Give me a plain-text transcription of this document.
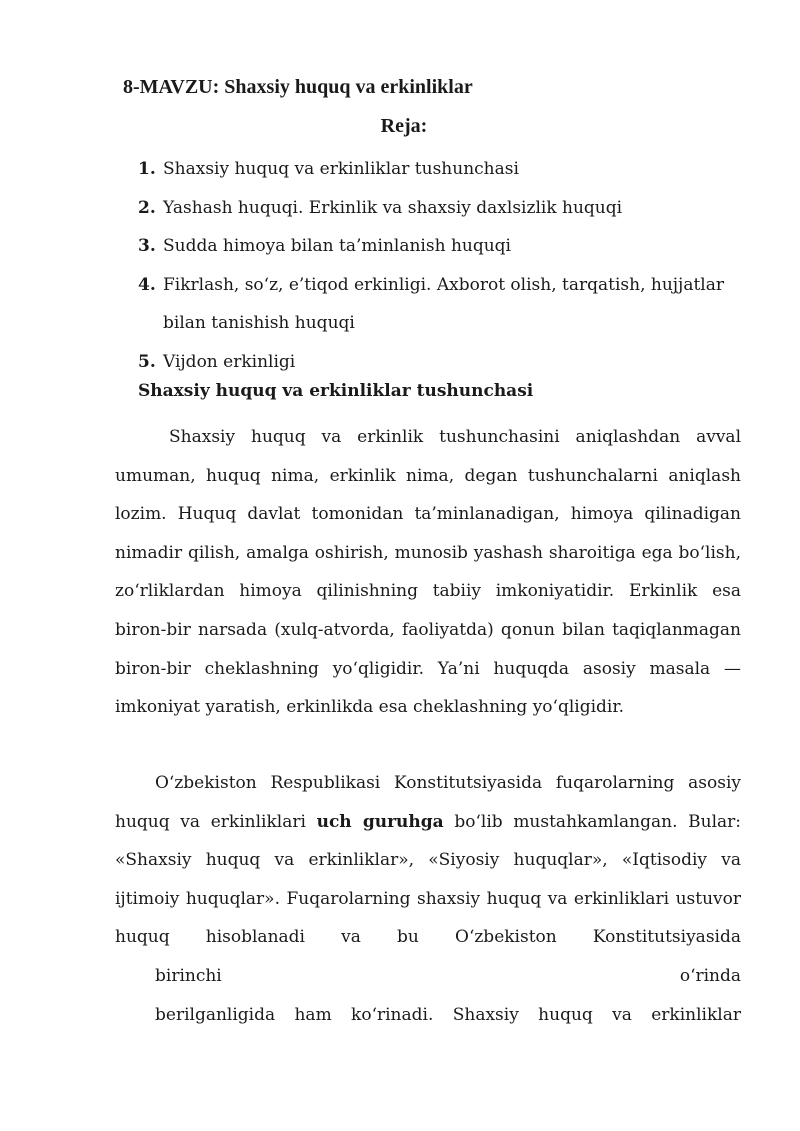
8-MAVZU: Shaxsiy huquq va erkinliklar
Reja:
1. Shaxsiy huquq va erkinliklar tushunchasi
2. Yashash huquqi. Erkinlik va shaxsiy daxlsizlik huquqi
3. Sudda himoya bilan ta’minlanish huquqi
4. Fikrlash, so‘z, e’tiqod erkinligi. Axborot olish, tarqatish, hujjatlar bilan tanishish huquqi
5. Vijdon erkinligi
Shaxsiy huquq va erkinliklar tushunchasi

Shaxsiy huquq va erkinlik tushunchasini aniqlashdan avval umuman, huquq nima, erkinlik nima, degan tushunchalarni aniqlash lozim. Huquq davlat tomonidan ta’minlanadigan, himoya qilinadigan nimadir qilish, amalga oshirish, munosib yashash sharoitiga ega bo‘lish, zo‘rliklardan himoya qilinishning tabiiy imkoniyatidir. Erkinlik esa biron-bir narsada (xulq-atvorda, faoliyatda) qonun bilan taqiqlanmagan biron-bir cheklashning yo‘qligidir. Ya’ni huquqda asosiy masala — imkoniyat yaratish, erkinlikda esa cheklashning yo‘qligidir.

O‘zbekiston Respublikasi Konstitutsiyasida fuqarolarning asosiy huquq va erkinliklari uch guruhga bo‘lib mustahkamlangan. Bular: «Shaxsiy huquq va erkinliklar», «Siyosiy huquqlar», «Iqtisodiy va ijtimoiy huquqlar». Fuqarolarning shaxsiy huquq va erkinliklari ustuvor huquq hisoblanadi va bu O‘zbekiston Konstitutsiyasida
birinchi	o‘rinda
berilganligida ham ko‘rinadi. Shaxsiy huquq va erkinliklar
